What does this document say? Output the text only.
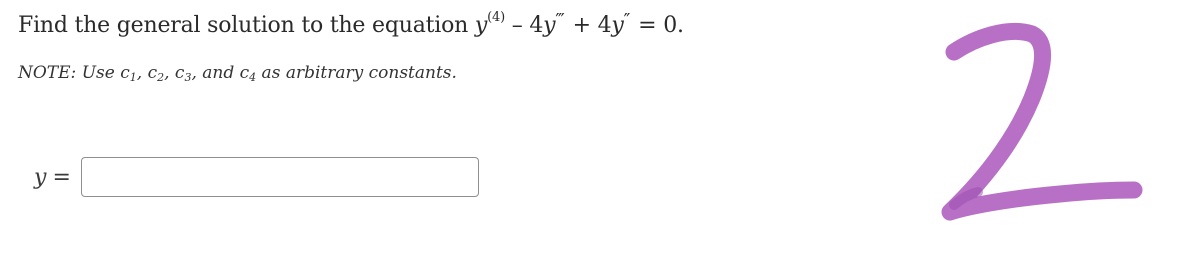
Find the general solution to the equation $y^{(4)} - 4y^‴ + 4y'' = 0$.
NOTE: Use $c_1$, $c_2$, $c_3$, and $c_4$ as arbitrary constants.
y =
